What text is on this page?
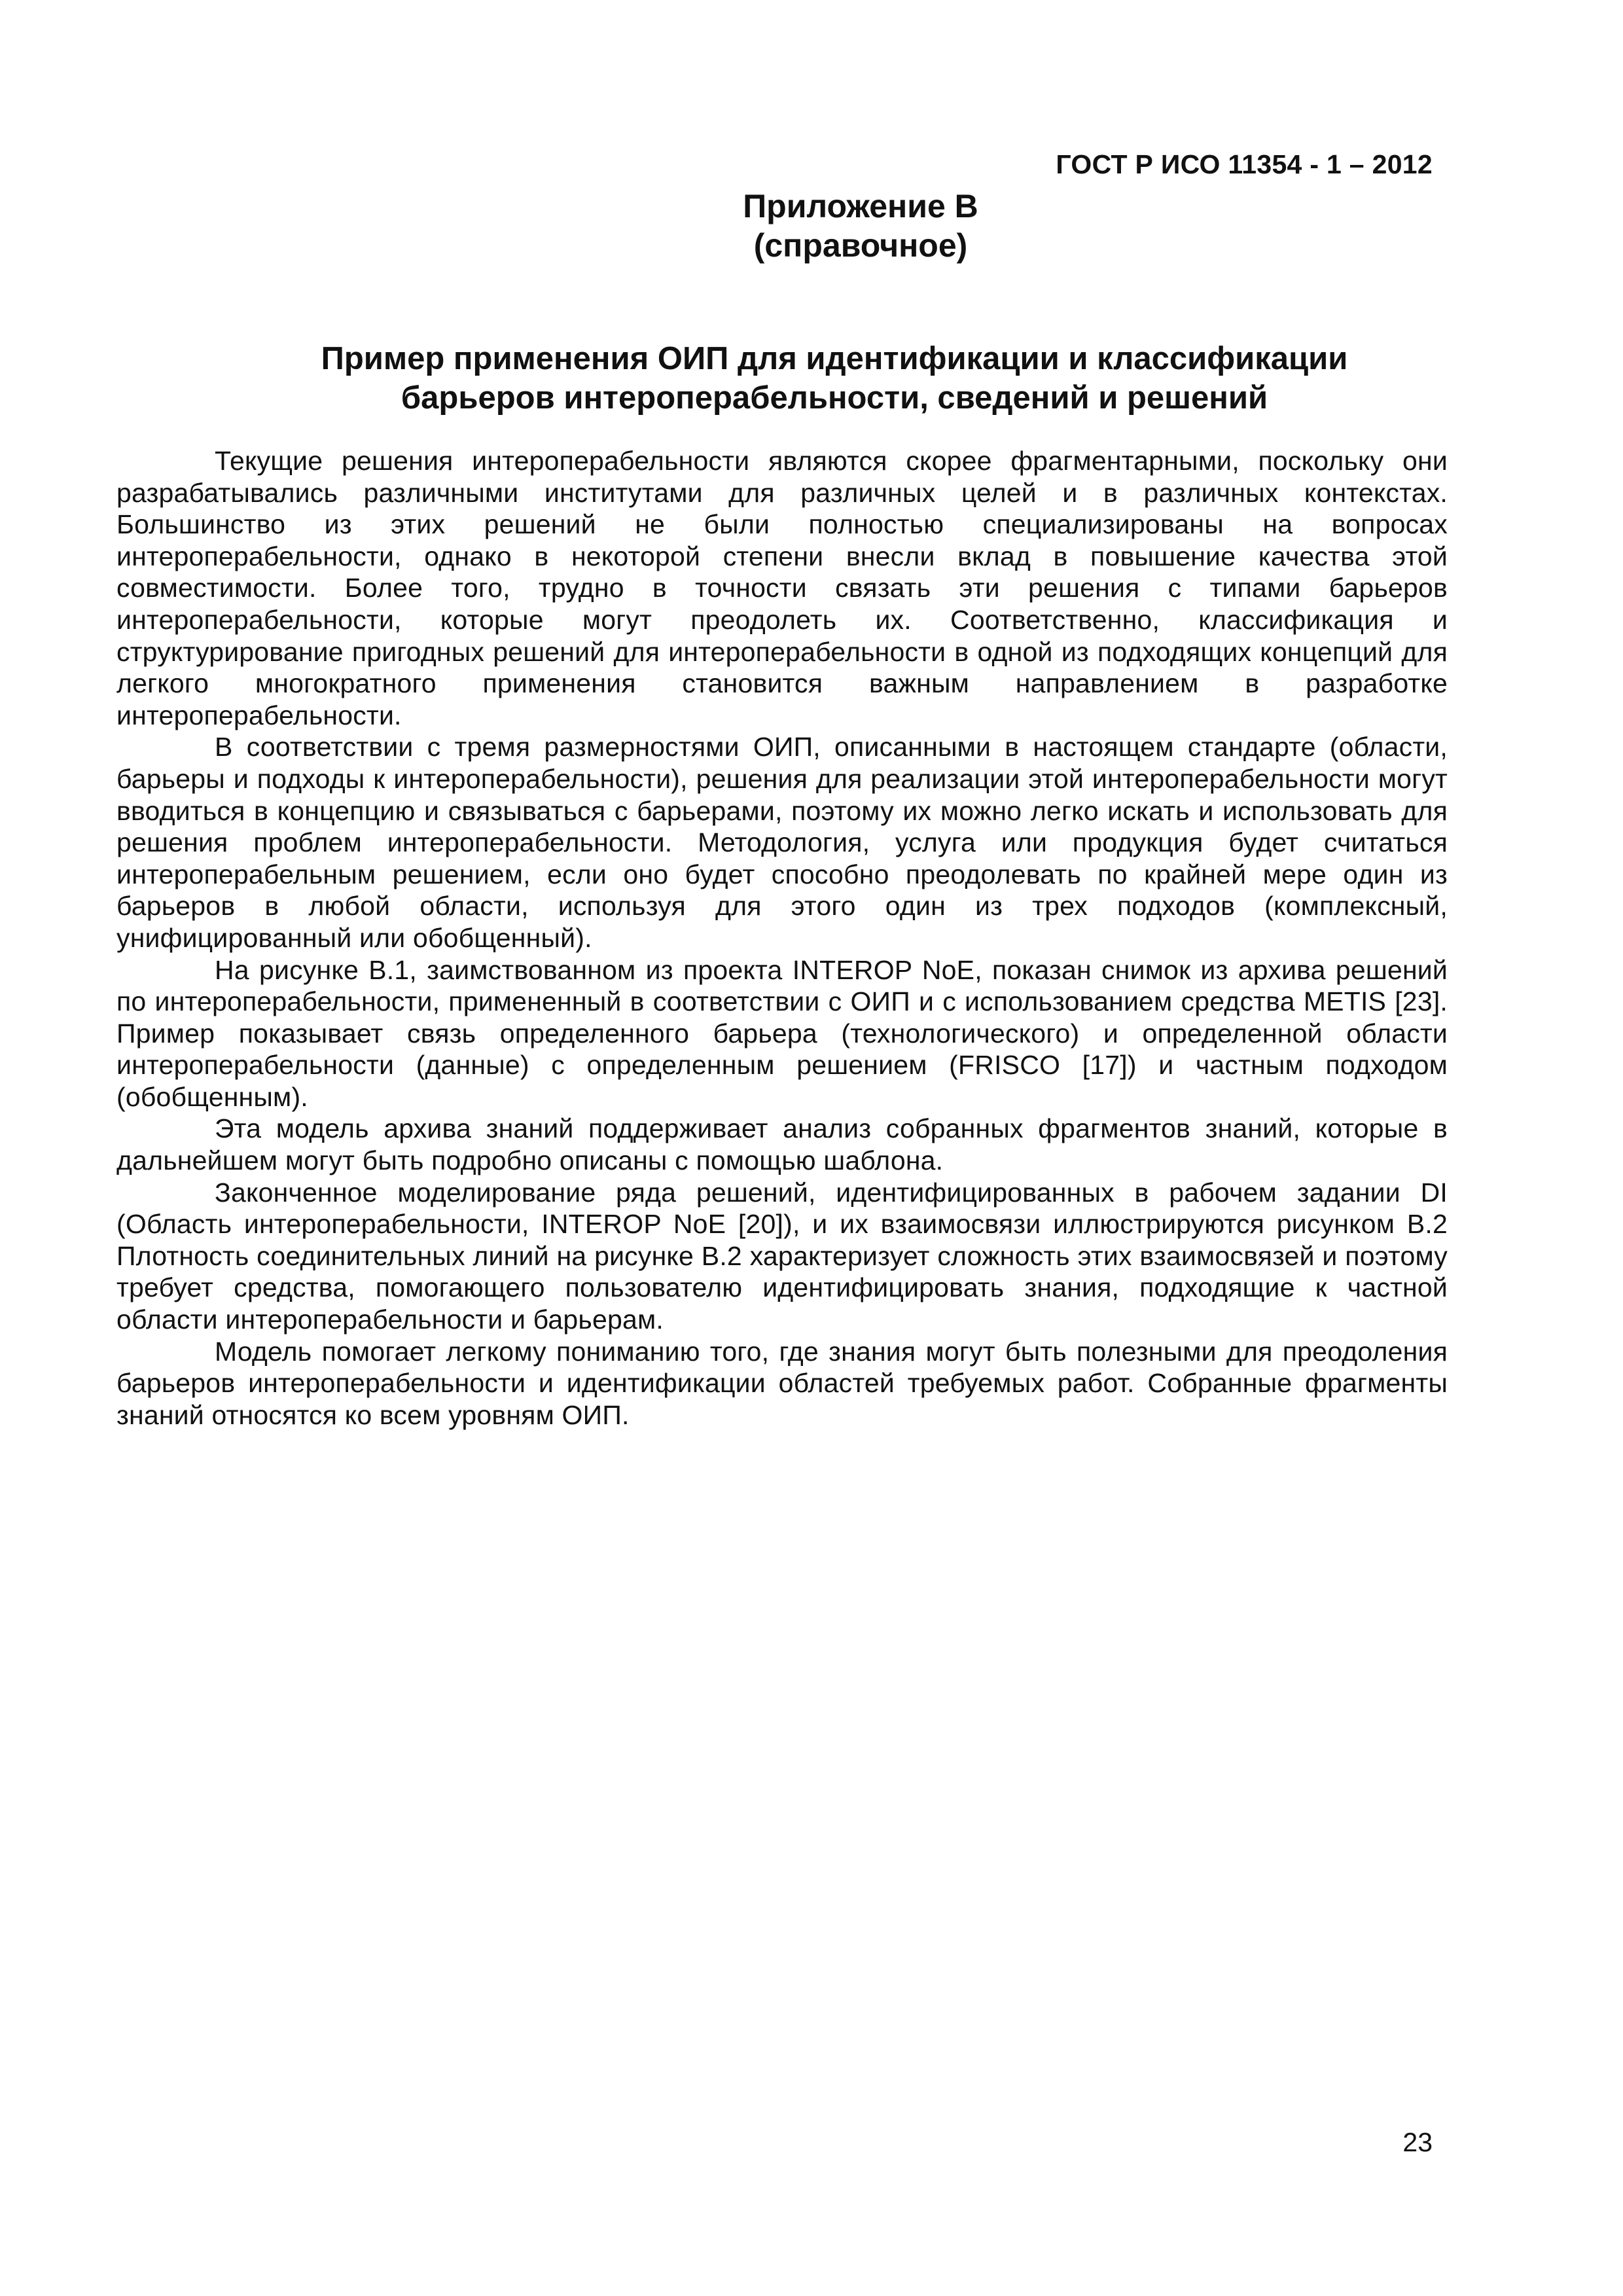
ГОСТ Р ИСО 11354 - 1 – 2012
Приложение В
(справочное)
Пример применения ОИП для идентификации и классификации
барьеров интероперабельности, сведений и решений

Текущие решения интероперабельности являются скорее фрагментарными, поскольку они разрабатывались различными институтами для различных целей и в различных контекстах. Большинство из этих решений не были полностью специализированы на вопросах интероперабельности, однако в некоторой степени внесли вклад в повышение качества этой совместимости. Более того, трудно в точности связать эти решения с типами барьеров интероперабельности, которые могут преодолеть их. Соответственно, классификация и структурирование пригодных решений для интероперабельности в одной из подходящих концепций для легкого многократного применения становится важным направлением в разработке интероперабельности.

В соответствии с тремя размерностями ОИП, описанными в настоящем стандарте (области, барьеры и подходы к интероперабельности), решения для реализации этой интероперабельности могут вводиться в концепцию и связываться с барьерами, поэтому их можно легко искать и использовать для решения проблем интероперабельности. Методология, услуга или продукция будет считаться интероперабельным решением, если оно будет способно преодолевать по крайней мере один из барьеров в любой области, используя для этого один из трех подходов (комплексный, унифицированный или обобщенный).

На рисунке В.1, заимствованном из проекта INTEROP NoE, показан снимок из архива решений по интероперабельности, примененный в соответствии с ОИП и с использованием средства METIS [23]. Пример показывает связь определенного барьера (технологического) и определенной области интероперабельности (данные) с определенным решением (FRISCO [17]) и частным подходом (обобщенным).

Эта модель архива знаний поддерживает анализ собранных фрагментов знаний, которые в дальнейшем могут быть подробно описаны с помощью шаблона.

Законченное моделирование ряда решений, идентифицированных в рабочем задании DI (Область интероперабельности, INTEROP NoE [20]), и их взаимосвязи иллюстрируются рисунком В.2 Плотность соединительных линий на рисунке В.2 характеризует сложность этих взаимосвязей и поэтому требует средства, помогающего пользователю идентифицировать знания, подходящие к частной области интероперабельности и барьерам.

Модель помогает легкому пониманию того, где знания могут быть полезными для преодоления барьеров интероперабельности и идентификации областей требуемых работ. Собранные фрагменты знаний относятся ко всем уровням ОИП.

23
